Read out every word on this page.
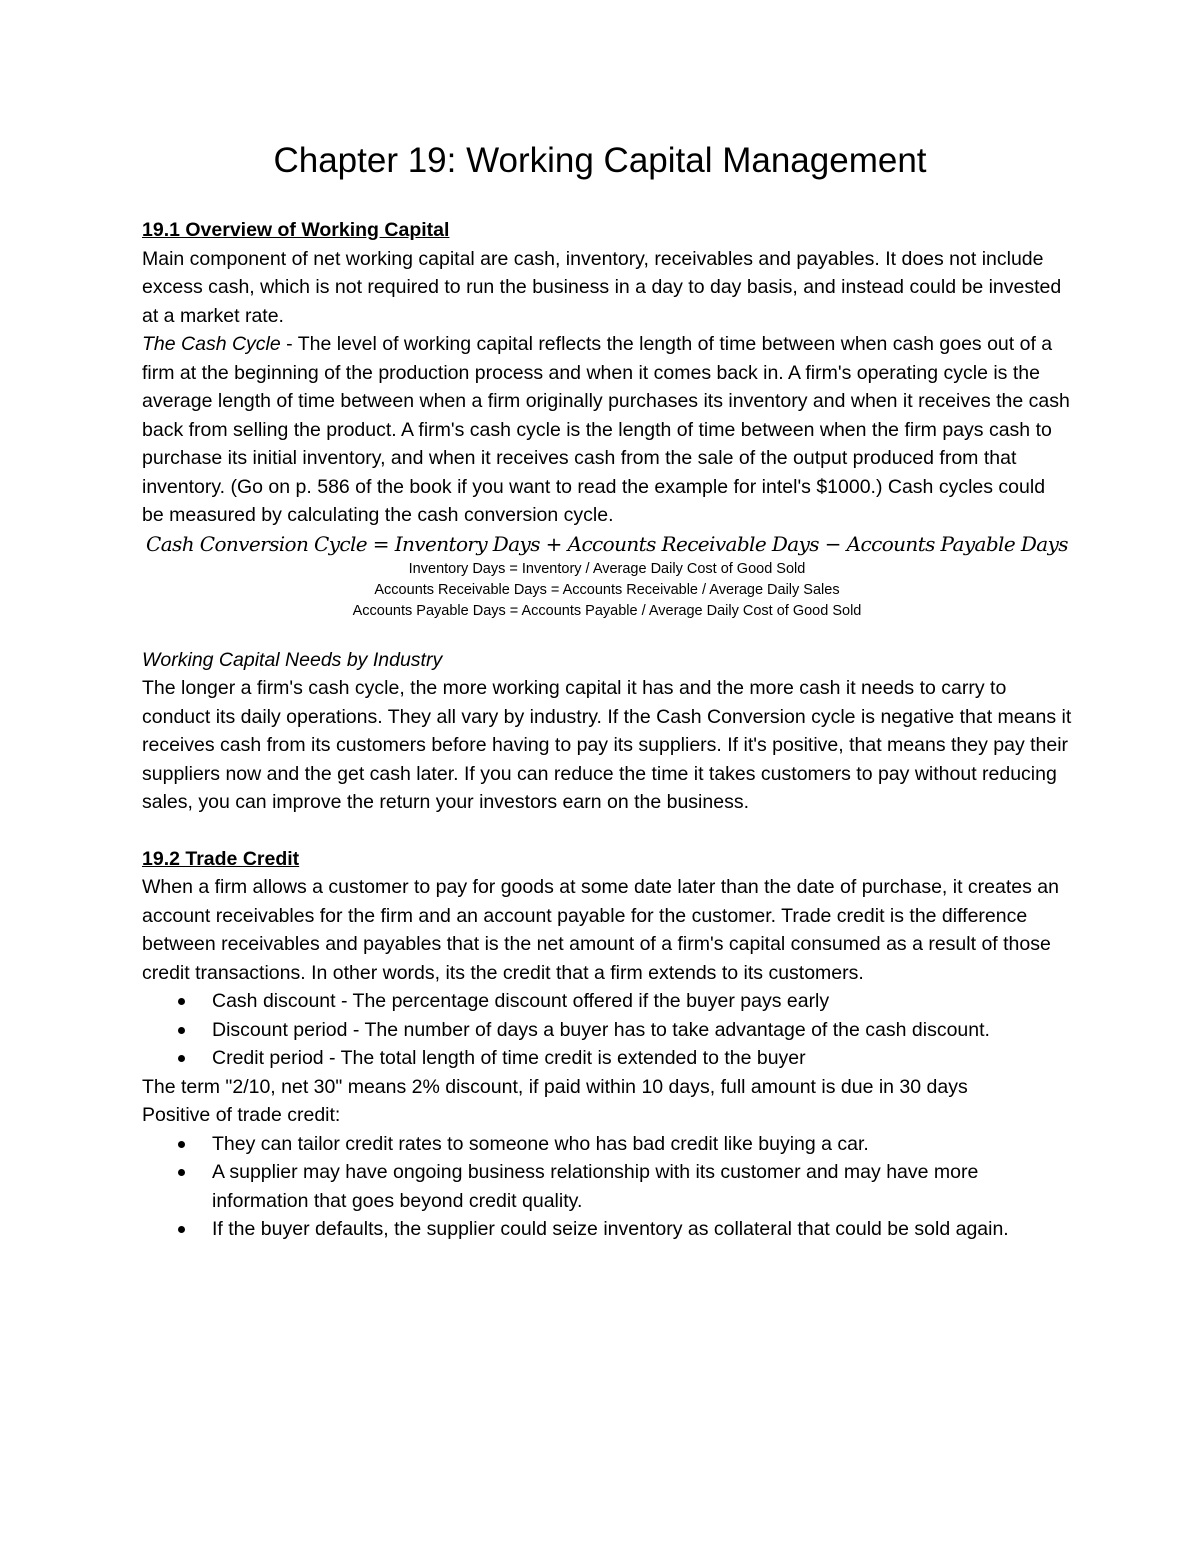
Chapter 19: Working Capital Management
19.1 Overview of Working Capital

Main component of net working capital are cash, inventory, receivables and payables. It does not include excess cash, which is not required to run the business in a day to day basis, and instead could be invested at a market rate.

The Cash Cycle - The level of working capital reflects the length of time between when cash goes out of a firm at the beginning of the production process and when it comes back in. A firm's operating cycle is the average length of time between when a firm originally purchases its inventory and when it receives the cash back from selling the product. A firm's cash cycle is the length of time between when the firm pays cash to purchase its initial inventory, and when it receives cash from the sale of the output produced from that inventory. (Go on p. 586 of the book if you want to read the example for intel's $1000.) Cash cycles could be measured by calculating the cash conversion cycle.

Cash Conversion Cycle = Inventory Days + Accounts Receivable Days − Accounts Payable Days
Inventory Days = Inventory / Average Daily Cost of Good Sold
Accounts Receivable Days = Accounts Receivable / Average Daily Sales
Accounts Payable Days = Accounts Payable / Average Daily Cost of Good Sold

Working Capital Needs by Industry

The longer a firm's cash cycle, the more working capital it has and the more cash it needs to carry to conduct its daily operations. They all vary by industry. If the Cash Conversion cycle is negative that means it receives cash from its customers before having to pay its suppliers. If it's positive, that means they pay their suppliers now and the get cash later. If you can reduce the time it takes customers to pay without reducing sales, you can improve the return your investors earn on the business.

19.2 Trade Credit

When a firm allows a customer to pay for goods at some date later than the date of purchase, it creates an account receivables for the firm and an account payable for the customer. Trade credit is the difference between receivables and payables that is the net amount of a firm's capital consumed as a result of those credit transactions. In other words, its the credit that a firm extends to its customers.

Cash discount - The percentage discount offered if the buyer pays early
Discount period - The number of days a buyer has to take advantage of the cash discount.
Credit period - The total length of time credit is extended to the buyer

The term "2/10, net 30" means 2% discount, if paid within 10 days, full amount is due in 30 days

Positive of trade credit:

They can tailor credit rates to someone who has bad credit like buying a car.
A supplier may have ongoing business relationship with its customer and may have more information that goes beyond credit quality.
If the buyer defaults, the supplier could seize inventory as collateral that could be sold again.
